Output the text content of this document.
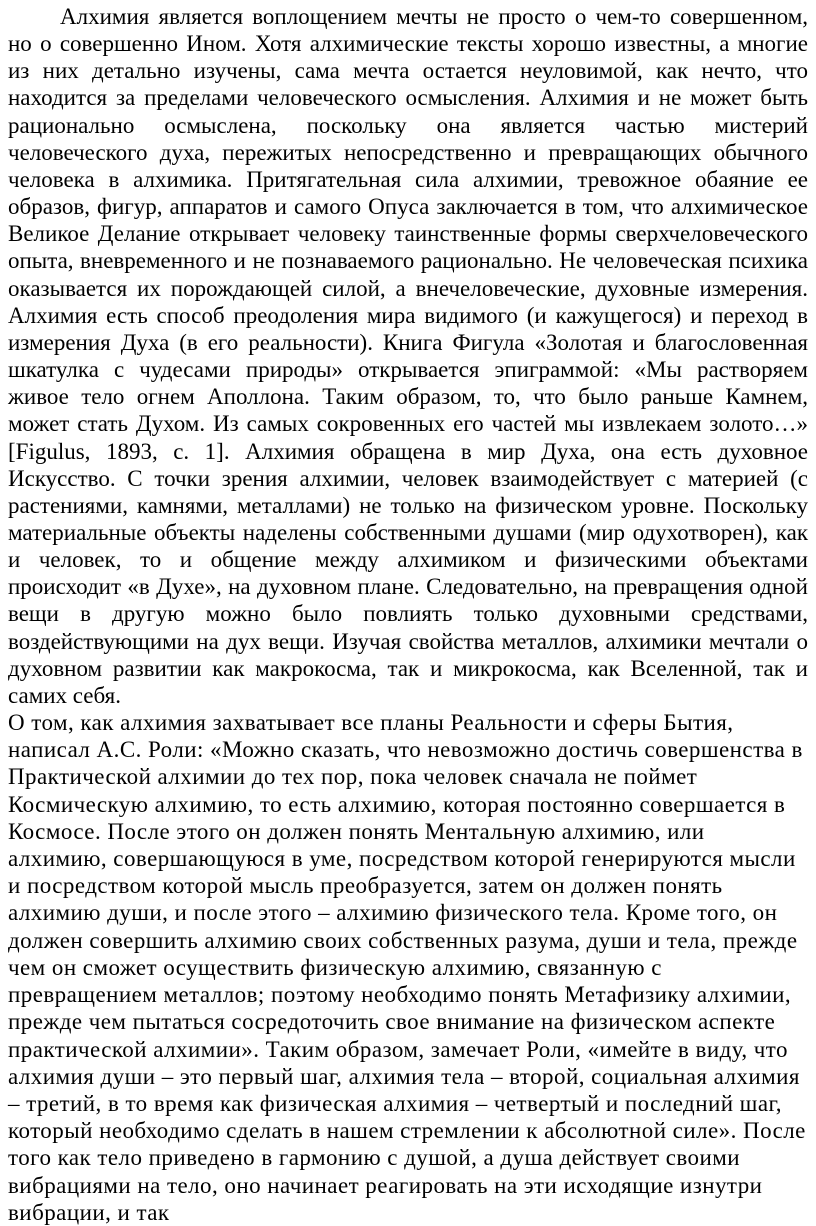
Алхимия является воплощением мечты не просто о чем-то совершенном, но о совершенно Ином. Хотя алхимические тексты хорошо известны, а многие из них детально изучены, сама мечта остается неуловимой, как нечто, что находится за пределами человеческого осмысления. Алхимия и не может быть рационально осмыслена, поскольку она является частью мистерий человеческого духа, пережитых непосредственно и превращающих обычного человека в алхимика. Притягательная сила алхимии, тревожное обаяние ее образов, фигур, аппаратов и самого Опуса заключается в том, что алхимическое Великое Делание открывает человеку таинственные формы сверхчеловеческого опыта, вневременного и не познаваемого рационально. Не человеческая психика оказывается их порождающей силой, а внечеловеческие, духовные измерения. Алхимия есть способ преодоления мира видимого (и кажущегося) и переход в измерения Духа (в его реальности). Книга Фигула «Золотая и благословенная шкатулка с чудесами природы» открывается эпиграммой: «Мы растворяем живое тело огнем Аполлона. Таким образом, то, что было раньше Камнем, может стать Духом. Из самых сокровенных его частей мы извлекаем золото…» [Figulus, 1893, с. 1]. Алхимия обращена в мир Духа, она есть духовное Искусство. С точки зрения алхимии, человек взаимодействует с материей (с растениями, камнями, металлами) не только на физическом уровне. Поскольку материальные объекты наделены собственными душами (мир одухотворен), как и человек, то и общение между алхимиком и физическими объектами происходит «в Духе», на духовном плане. Следовательно, на превращения одной вещи в другую можно было повлиять только духовными средствами, воздействующими на дух вещи. Изучая свойства металлов, алхимики мечтали о духовном развитии как макрокосма, так и микрокосма, как Вселенной, так и самих себя.

О том, как алхимия захватывает все планы Реальности и сферы Бытия, написал А.С. Роли: «Можно сказать, что невозможно достичь совершенства в Практической алхимии до тех пор, пока человек сначала не поймет Космическую алхимию, то есть алхимию, которая постоянно совершается в Космосе. После этого он должен понять Ментальную алхимию, или алхимию, совершающуюся в уме, посредством которой генерируются мысли и посредством которой мысль преобразуется, затем он должен понять алхимию души, и после этого – алхимию физического тела. Кроме того, он должен совершить алхимию своих собственных разума, души и тела, прежде чем он сможет осуществить физическую алхимию, связанную с превращением металлов; поэтому необходимо понять Метафизику алхимии, прежде чем пытаться сосредоточить свое внимание на физическом аспекте практической алхимии». Таким образом, замечает Роли, «имейте в виду, что алхимия души – это первый шаг, алхимия тела – второй, социальная алхимия – третий, в то время как физическая алхимия – четвертый и последний шаг, который необходимо сделать в нашем стремлении к абсолютной силе». После того как тело приведено в гармонию с душой, а душа действует своими вибрациями на тело, оно начинает реагировать на эти исходящие изнутри вибрации, и так
